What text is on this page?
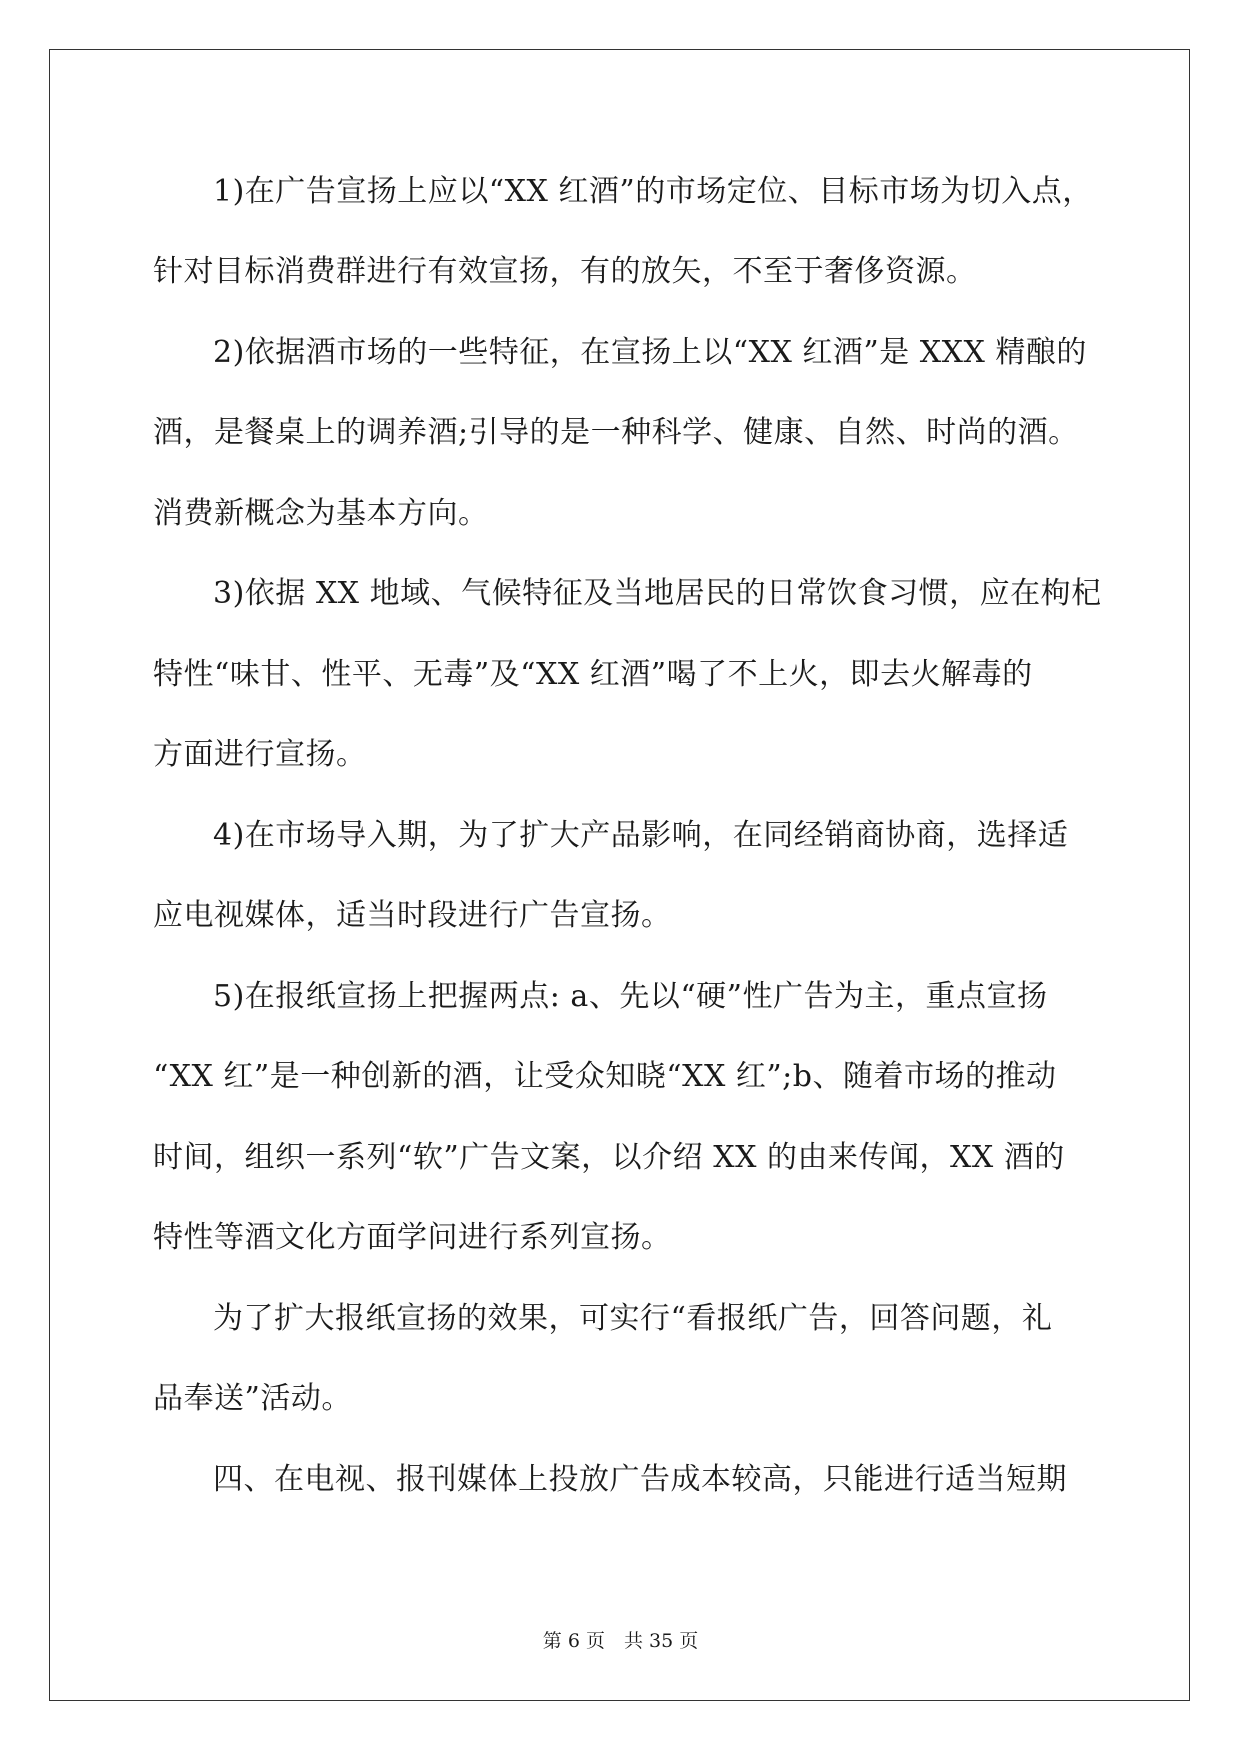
1)在广告宣扬上应以“XX 红酒”的市场定位、目标市场为切入点，
针对目标消费群进行有效宣扬，有的放矢，不至于奢侈资源。
2)依据酒市场的一些特征，在宣扬上以“XX 红酒”是 XXX 精酿的
酒，是餐桌上的调养酒;引导的是一种科学、健康、自然、时尚的酒。
消费新概念为基本方向。
3)依据 XX 地域、气候特征及当地居民的日常饮食习惯，应在枸杞
特性“味甘、性平、无毒”及“XX 红酒”喝了不上火，即去火解毒的
方面进行宣扬。
4)在市场导入期，为了扩大产品影响，在同经销商协商，选择适
应电视媒体，适当时段进行广告宣扬。
5)在报纸宣扬上把握两点: a、先以“硬”性广告为主，重点宣扬
“XX 红”是一种创新的酒，让受众知晓“XX 红”;b、随着市场的推动
时间，组织一系列“软”广告文案，以介绍 XX 的由来传闻，XX 酒的
特性等酒文化方面学问进行系列宣扬。
为了扩大报纸宣扬的效果，可实行“看报纸广告，回答问题，礼
品奉送”活动。
四、在电视、报刊媒体上投放广告成本较高，只能进行适当短期
第 6 页　共 35 页
